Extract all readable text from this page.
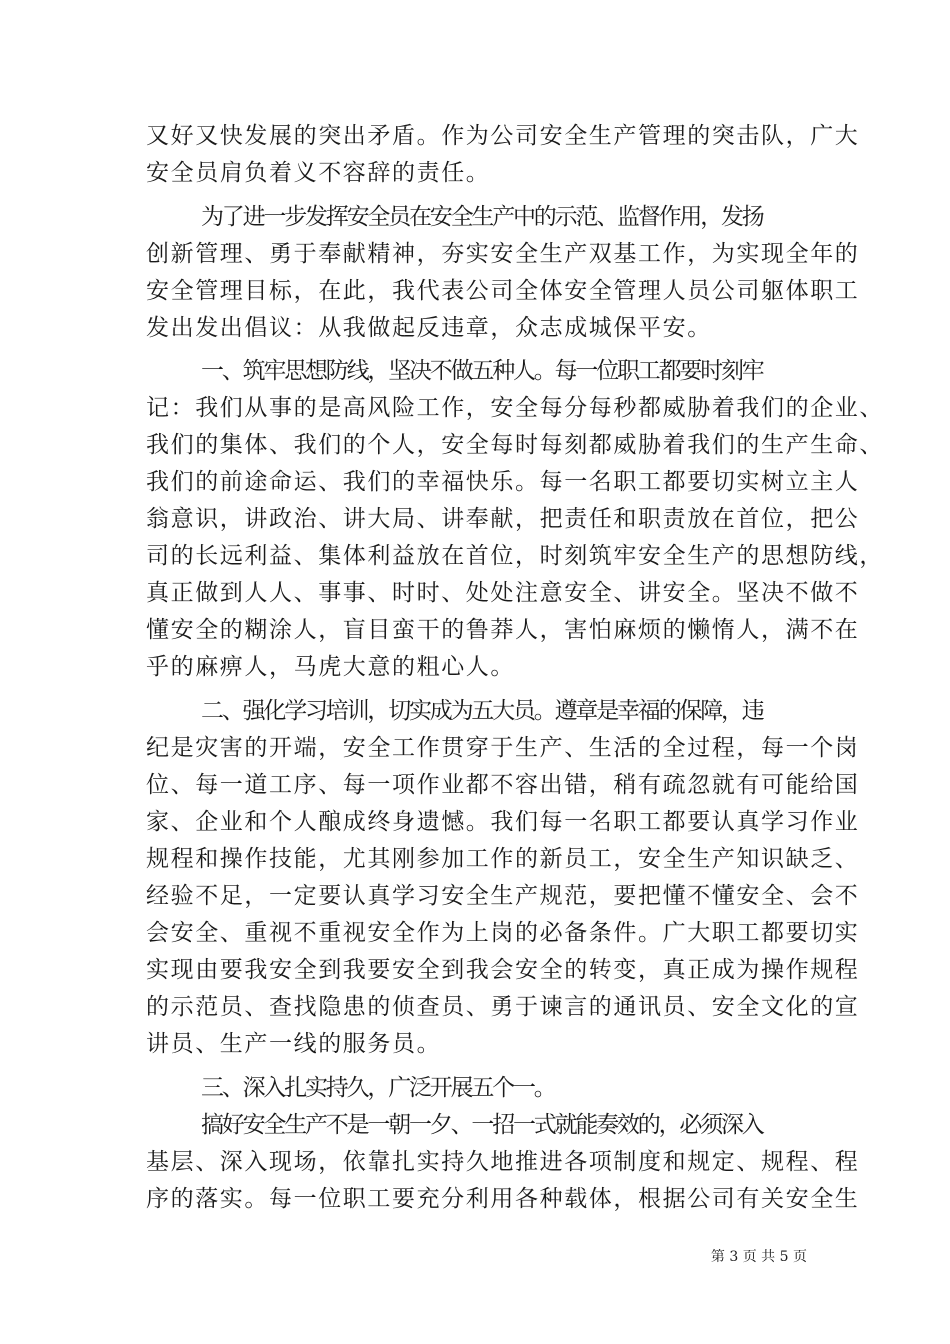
又好又快发展的突出矛盾。作为公司安全生产管理的突击队，广大
安全员肩负着义不容辞的责任。
为了进一步发挥安全员在安全生产中的示范、监督作用，发扬
创新管理、勇于奉献精神，夯实安全生产双基工作，为实现全年的
安全管理目标，在此，我代表公司全体安全管理人员公司躯体职工
发出发出倡议：从我做起反违章，众志成城保平安。
一、筑牢思想防线，坚决不做五种人。每一位职工都要时刻牢
记：我们从事的是高风险工作，安全每分每秒都威胁着我们的企业、
我们的集体、我们的个人，安全每时每刻都威胁着我们的生产生命、
我们的前途命运、我们的幸福快乐。每一名职工都要切实树立主人
翁意识，讲政治、讲大局、讲奉献，把责任和职责放在首位，把公
司的长远利益、集体利益放在首位，时刻筑牢安全生产的思想防线，
真正做到人人、事事、时时、处处注意安全、讲安全。坚决不做不
懂安全的糊涂人，盲目蛮干的鲁莽人，害怕麻烦的懒惰人，满不在
乎的麻痹人，马虎大意的粗心人。
二、强化学习培训，切实成为五大员。遵章是幸福的保障，违
纪是灾害的开端，安全工作贯穿于生产、生活的全过程，每一个岗
位、每一道工序、每一项作业都不容出错，稍有疏忽就有可能给国
家、企业和个人酿成终身遗憾。我们每一名职工都要认真学习作业
规程和操作技能，尤其刚参加工作的新员工，安全生产知识缺乏、
经验不足，一定要认真学习安全生产规范，要把懂不懂安全、会不
会安全、重视不重视安全作为上岗的必备条件。广大职工都要切实
实现由要我安全到我要安全到我会安全的转变，真正成为操作规程
的示范员、查找隐患的侦查员、勇于谏言的通讯员、安全文化的宣
讲员、生产一线的服务员。
三、深入扎实持久，广泛开展五个一。
搞好安全生产不是一朝一夕、一招一式就能奏效的，必须深入
基层、深入现场，依靠扎实持久地推进各项制度和规定、规程、程
序的落实。每一位职工要充分利用各种载体，根据公司有关安全生
第 3 页 共 5 页
